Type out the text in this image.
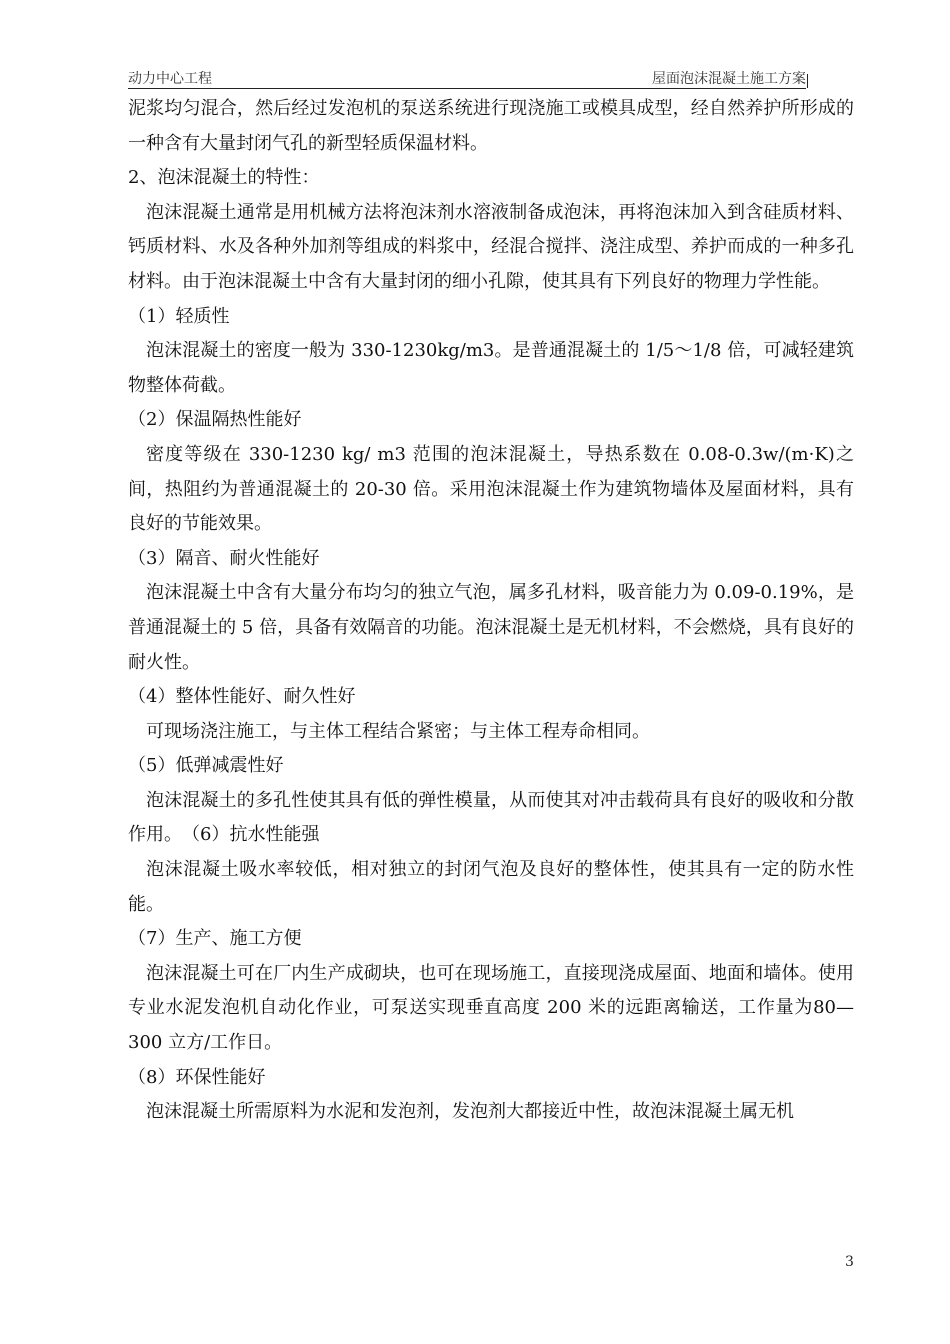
动力中心工程	屋面泡沫混凝土施工方案

泥浆均匀混合，然后经过发泡机的泵送系统进行现浇施工或模具成型，经自然养护所形成的一种含有大量封闭气孔的新型轻质保温材料。

2、泡沫混凝土的特性：

泡沫混凝土通常是用机械方法将泡沫剂水溶液制备成泡沫，再将泡沫加入到含硅质材料、钙质材料、水及各种外加剂等组成的料浆中，经混合搅拌、浇注成型、养护而成的一种多孔材料。由于泡沫混凝土中含有大量封闭的细小孔隙，使其具有下列良好的物理力学性能。

（1）轻质性

泡沫混凝土的密度一般为 330-1230kg/m3。是普通混凝土的 1/5～1/8 倍，可减轻建筑物整体荷截。

（2）保温隔热性能好

密度等级在 330-1230 kg/ m3 范围的泡沫混凝土，导热系数在 0.08-0.3w/(m·K)之间，热阻约为普通混凝土的 20-30 倍。采用泡沫混凝土作为建筑物墙体及屋面材料，具有良好的节能效果。

（3）隔音、耐火性能好

泡沫混凝土中含有大量分布均匀的独立气泡，属多孔材料，吸音能力为 0.09-0.19%，是普通混凝土的 5 倍，具备有效隔音的功能。泡沫混凝土是无机材料，不会燃烧，具有良好的耐火性。

（4）整体性能好、耐久性好

可现场浇注施工，与主体工程结合紧密；与主体工程寿命相同。

（5）低弹减震性好

泡沫混凝土的多孔性使其具有低的弹性模量，从而使其对冲击载荷具有良好的吸收和分散作用。　 （6）抗水性能强

泡沫混凝土吸水率较低，相对独立的封闭气泡及良好的整体性，使其具有一定的防水性能。

（7）生产、施工方便

泡沫混凝土可在厂内生产成砌块，也可在现场施工，直接现浇成屋面、地面和墙体。使用专业水泥发泡机自动化作业，可泵送实现垂直高度 200 米的远距离输送，工作量为80—300 立方/工作日。

（8）环保性能好

泡沫混凝土所需原料为水泥和发泡剂，发泡剂大都接近中性，故泡沫混凝土属无机

3
